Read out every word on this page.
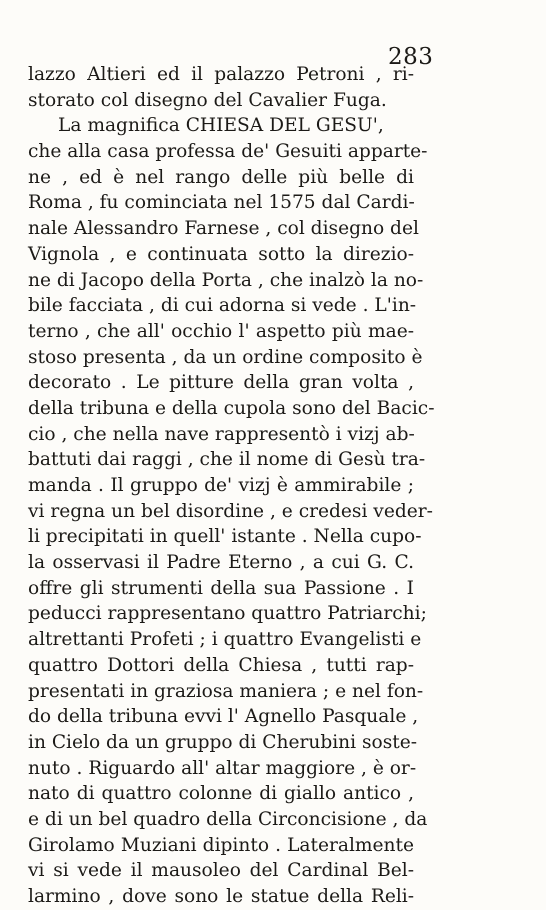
283
lazzo Altieri ed il palazzo Petroni , ri-
storato col disegno del Cavalier Fuga.
La magnifica CHIESA DEL GESU',
che alla casa professa de' Gesuiti apparte-
ne , ed è nel rango delle più belle di
Roma , fu cominciata nel 1575 dal Cardi-
nale Alessandro Farnese , col disegno del
Vignola , e continuata sotto la direzio-
ne di Jacopo della Porta , che inalzò la no-
bile facciata , di cui adorna si vede . L'in-
terno , che all' occhio l' aspetto più mae-
stoso presenta , da un ordine composito è
decorato . Le pitture della gran volta ,
della tribuna e della cupola sono del Bacic-
cio , che nella nave rappresentò i vizj ab-
battuti dai raggi , che il nome di Gesù tra-
manda . Il gruppo de' vizj è ammirabile ;
vi regna un bel disordine , e credesi veder-
li precipitati in quell' istante . Nella cupo-
la osservasi il Padre Eterno , a cui G. C.
offre gli strumenti della sua Passione . I
peducci rappresentano quattro Patriarchi;
altrettanti Profeti ; i quattro Evangelisti e
quattro Dottori della Chiesa , tutti rap-
presentati in graziosa maniera ; e nel fon-
do della tribuna evvi l' Agnello Pasquale ,
in Cielo da un gruppo di Cherubini soste-
nuto . Riguardo all' altar maggiore , è or-
nato di quattro colonne di giallo antico ,
e di un bel quadro della Circoncisione , da
Girolamo Muziani dipinto . Lateralmente
vi si vede il mausoleo del Cardinal Bel-
larmino , dove sono le statue della Reli-
